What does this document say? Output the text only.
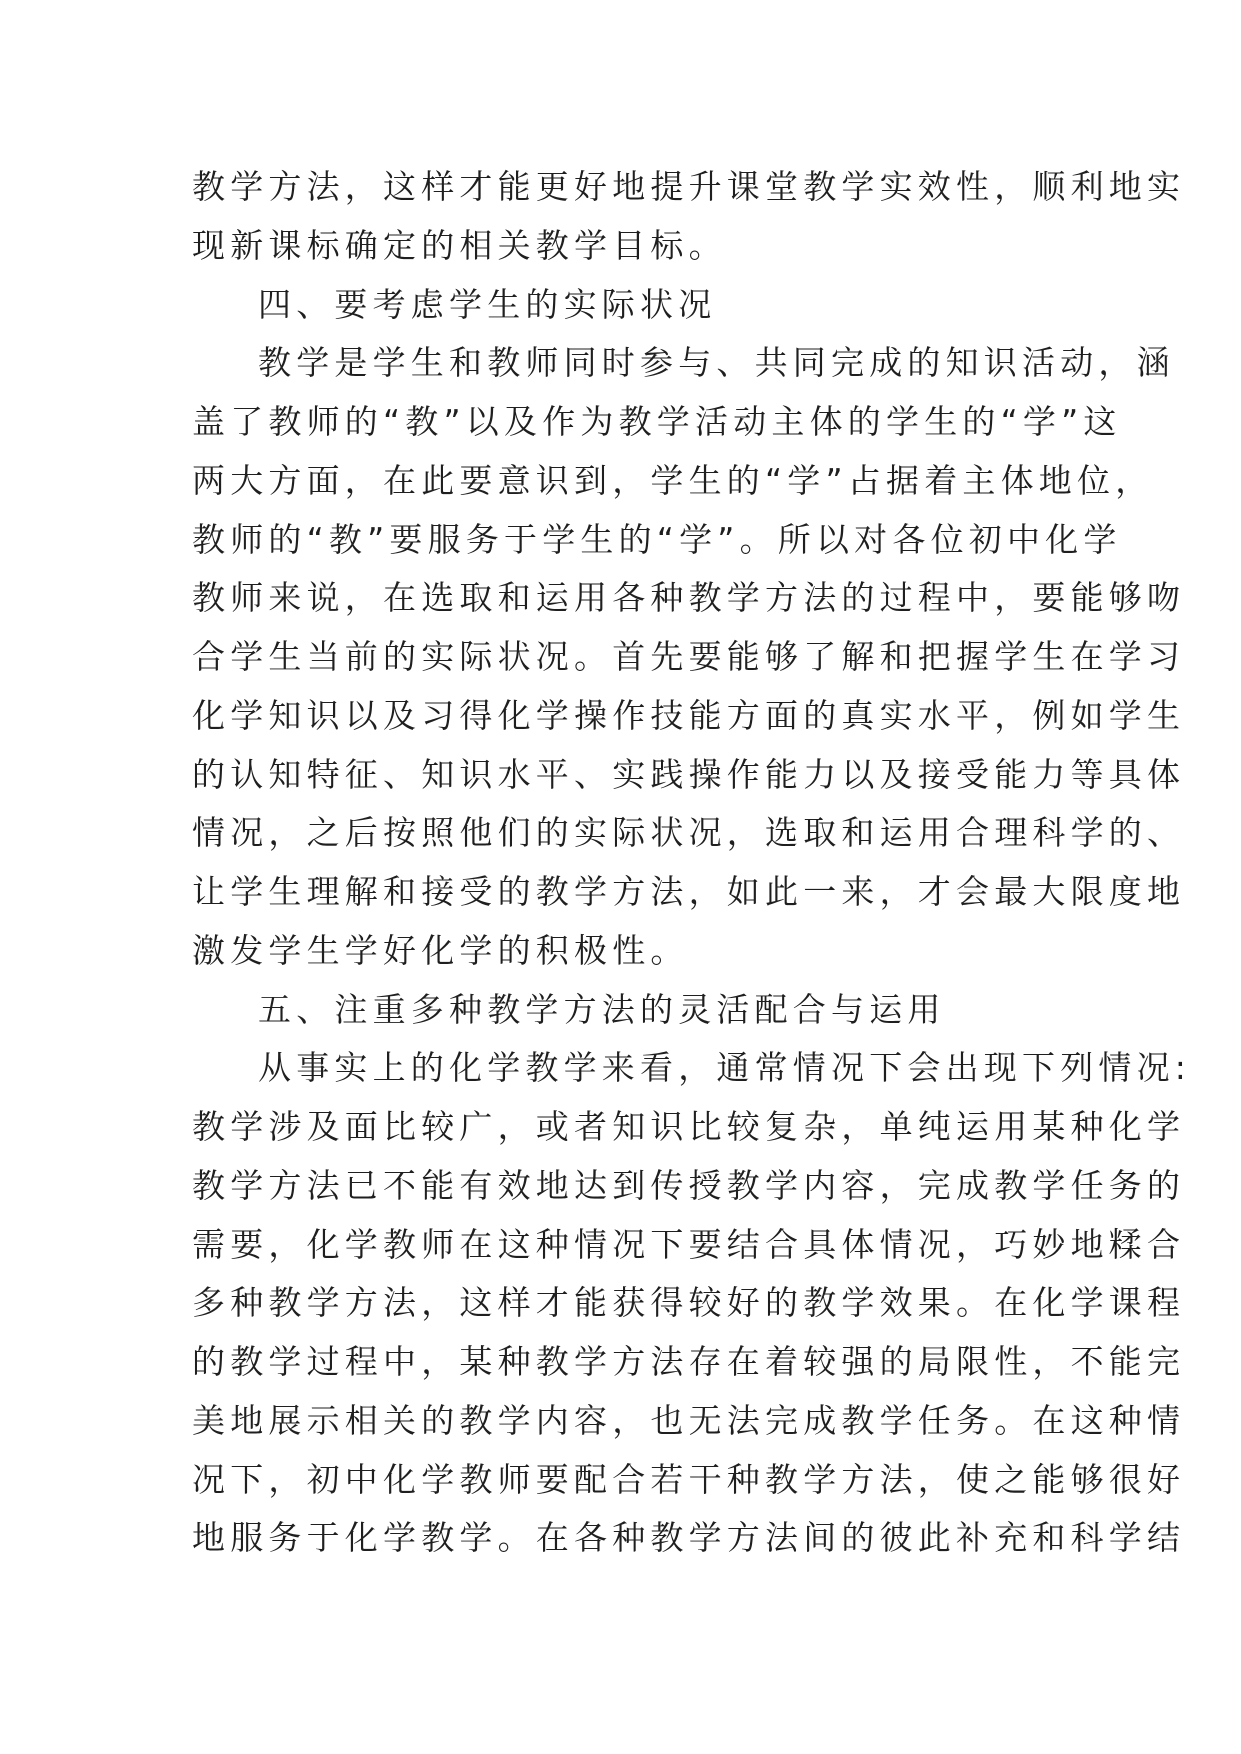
教学方法，这样才能更好地提升课堂教学实效性，顺利地实
现新课标确定的相关教学目标。
四、要考虑学生的实际状况
教学是学生和教师同时参与、共同完成的知识活动，涵
盖了教师的“教”以及作为教学活动主体的学生的“学”这
两大方面，在此要意识到，学生的“学”占据着主体地位，
教师的“教”要服务于学生的“学”。所以对各位初中化学
教师来说，在选取和运用各种教学方法的过程中，要能够吻
合学生当前的实际状况。首先要能够了解和把握学生在学习
化学知识以及习得化学操作技能方面的真实水平，例如学生
的认知特征、知识水平、实践操作能力以及接受能力等具体
情况，之后按照他们的实际状况，选取和运用合理科学的、
让学生理解和接受的教学方法，如此一来，才会最大限度地
激发学生学好化学的积极性。
五、注重多种教学方法的灵活配合与运用
从事实上的化学教学来看，通常情况下会出现下列情况:
教学涉及面比较广，或者知识比较复杂，单纯运用某种化学
教学方法已不能有效地达到传授教学内容，完成教学任务的
需要，化学教师在这种情况下要结合具体情况，巧妙地糅合
多种教学方法，这样才能获得较好的教学效果。在化学课程
的教学过程中，某种教学方法存在着较强的局限性，不能完
美地展示相关的教学内容，也无法完成教学任务。在这种情
况下，初中化学教师要配合若干种教学方法，使之能够很好
地服务于化学教学。在各种教学方法间的彼此补充和科学结
